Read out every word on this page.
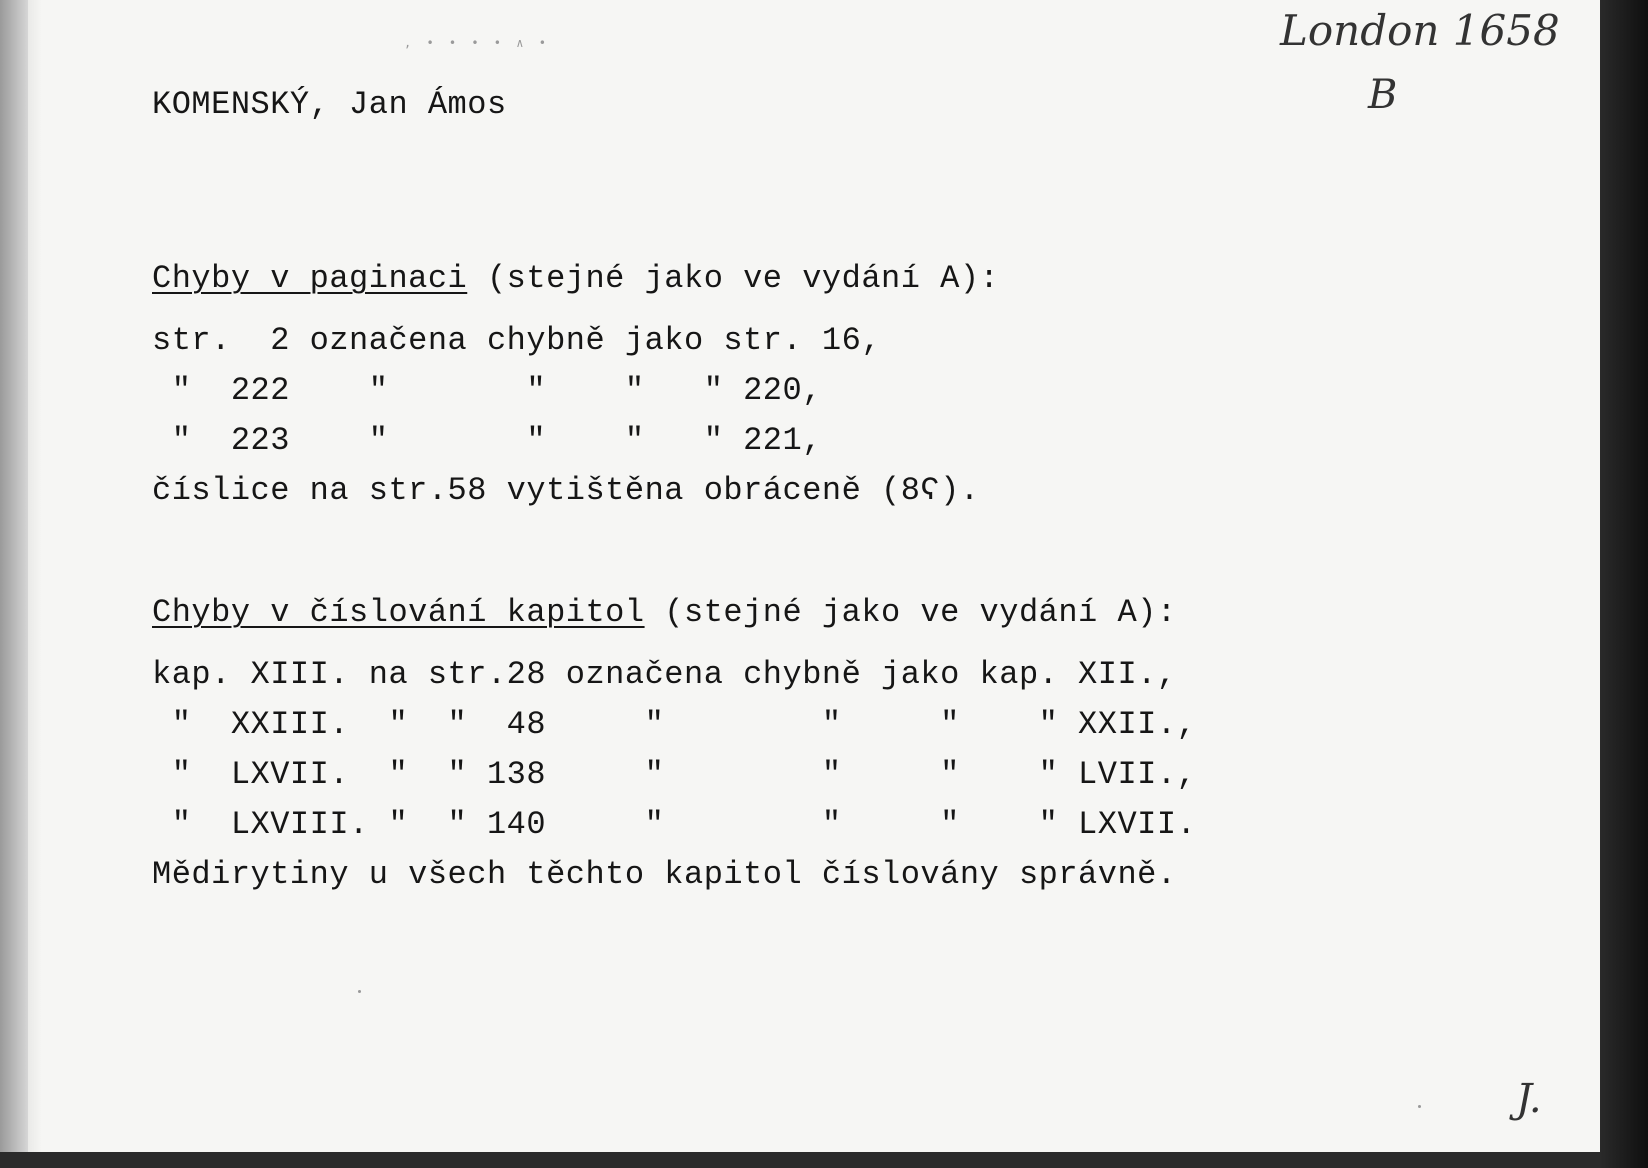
, • • • • ∧ •
KOMENSKÝ, Jan Ámos
London 1658
B
J.
Chyby v paginaci (stejné jako ve vydání A):
str.  2 označena chybně jako str. 16,
"  222    "       "    "   " 220,
"  223    "       "    "   " 221,
číslice na str.58 vytištěna obráceně (8Ϛ).
Chyby v číslování kapitol (stejné jako ve vydání A):
kap. XIII. na str.28 označena chybně jako kap. XII.,
"  XXIII.  "  "  48     "        "     "    " XXII.,
"  LXVII.  "  " 138     "        "     "    " LVII.,
"  LXVIII. "  " 140     "        "     "    " LXVII.
Mědirytiny u všech těchto kapitol číslovány správně.
